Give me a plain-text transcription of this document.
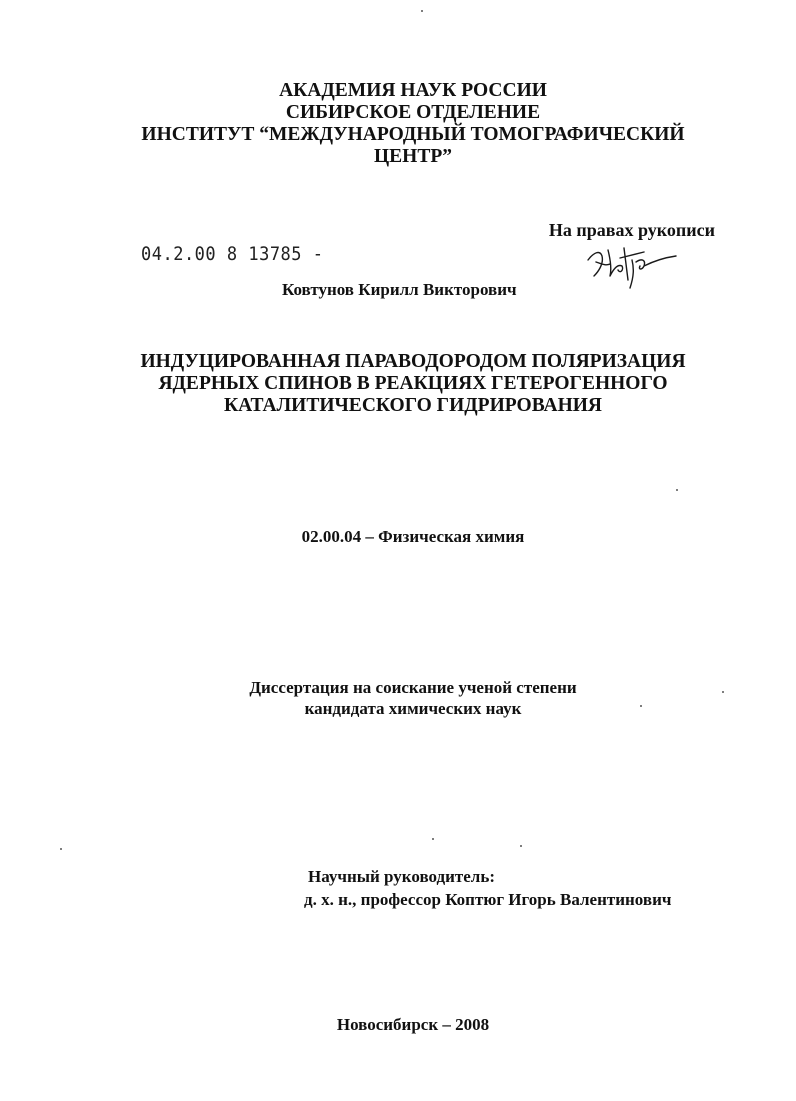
АКАДЕМИЯ НАУК РОССИИ
СИБИРСКОЕ ОТДЕЛЕНИЕ
ИНСТИТУТ “МЕЖДУНАРОДНЫЙ ТОМОГРАФИЧЕСКИЙ
ЦЕНТР”
На правах рукописи
04.2.00 8 13785 -
Ковтунов Кирилл Викторович
ИНДУЦИРОВАННАЯ ПАРАВОДОРОДОМ ПОЛЯРИЗАЦИЯ
ЯДЕРНЫХ СПИНОВ В РЕАКЦИЯХ ГЕТЕРОГЕННОГО
КАТАЛИТИЧЕСКОГО ГИДРИРОВАНИЯ
02.00.04 – Физическая химия
Диссертация на соискание ученой степени
кандидата химических наук
Научный руководитель:
д. х. н., профессор Коптюг Игорь Валентинович
Новосибирск – 2008
